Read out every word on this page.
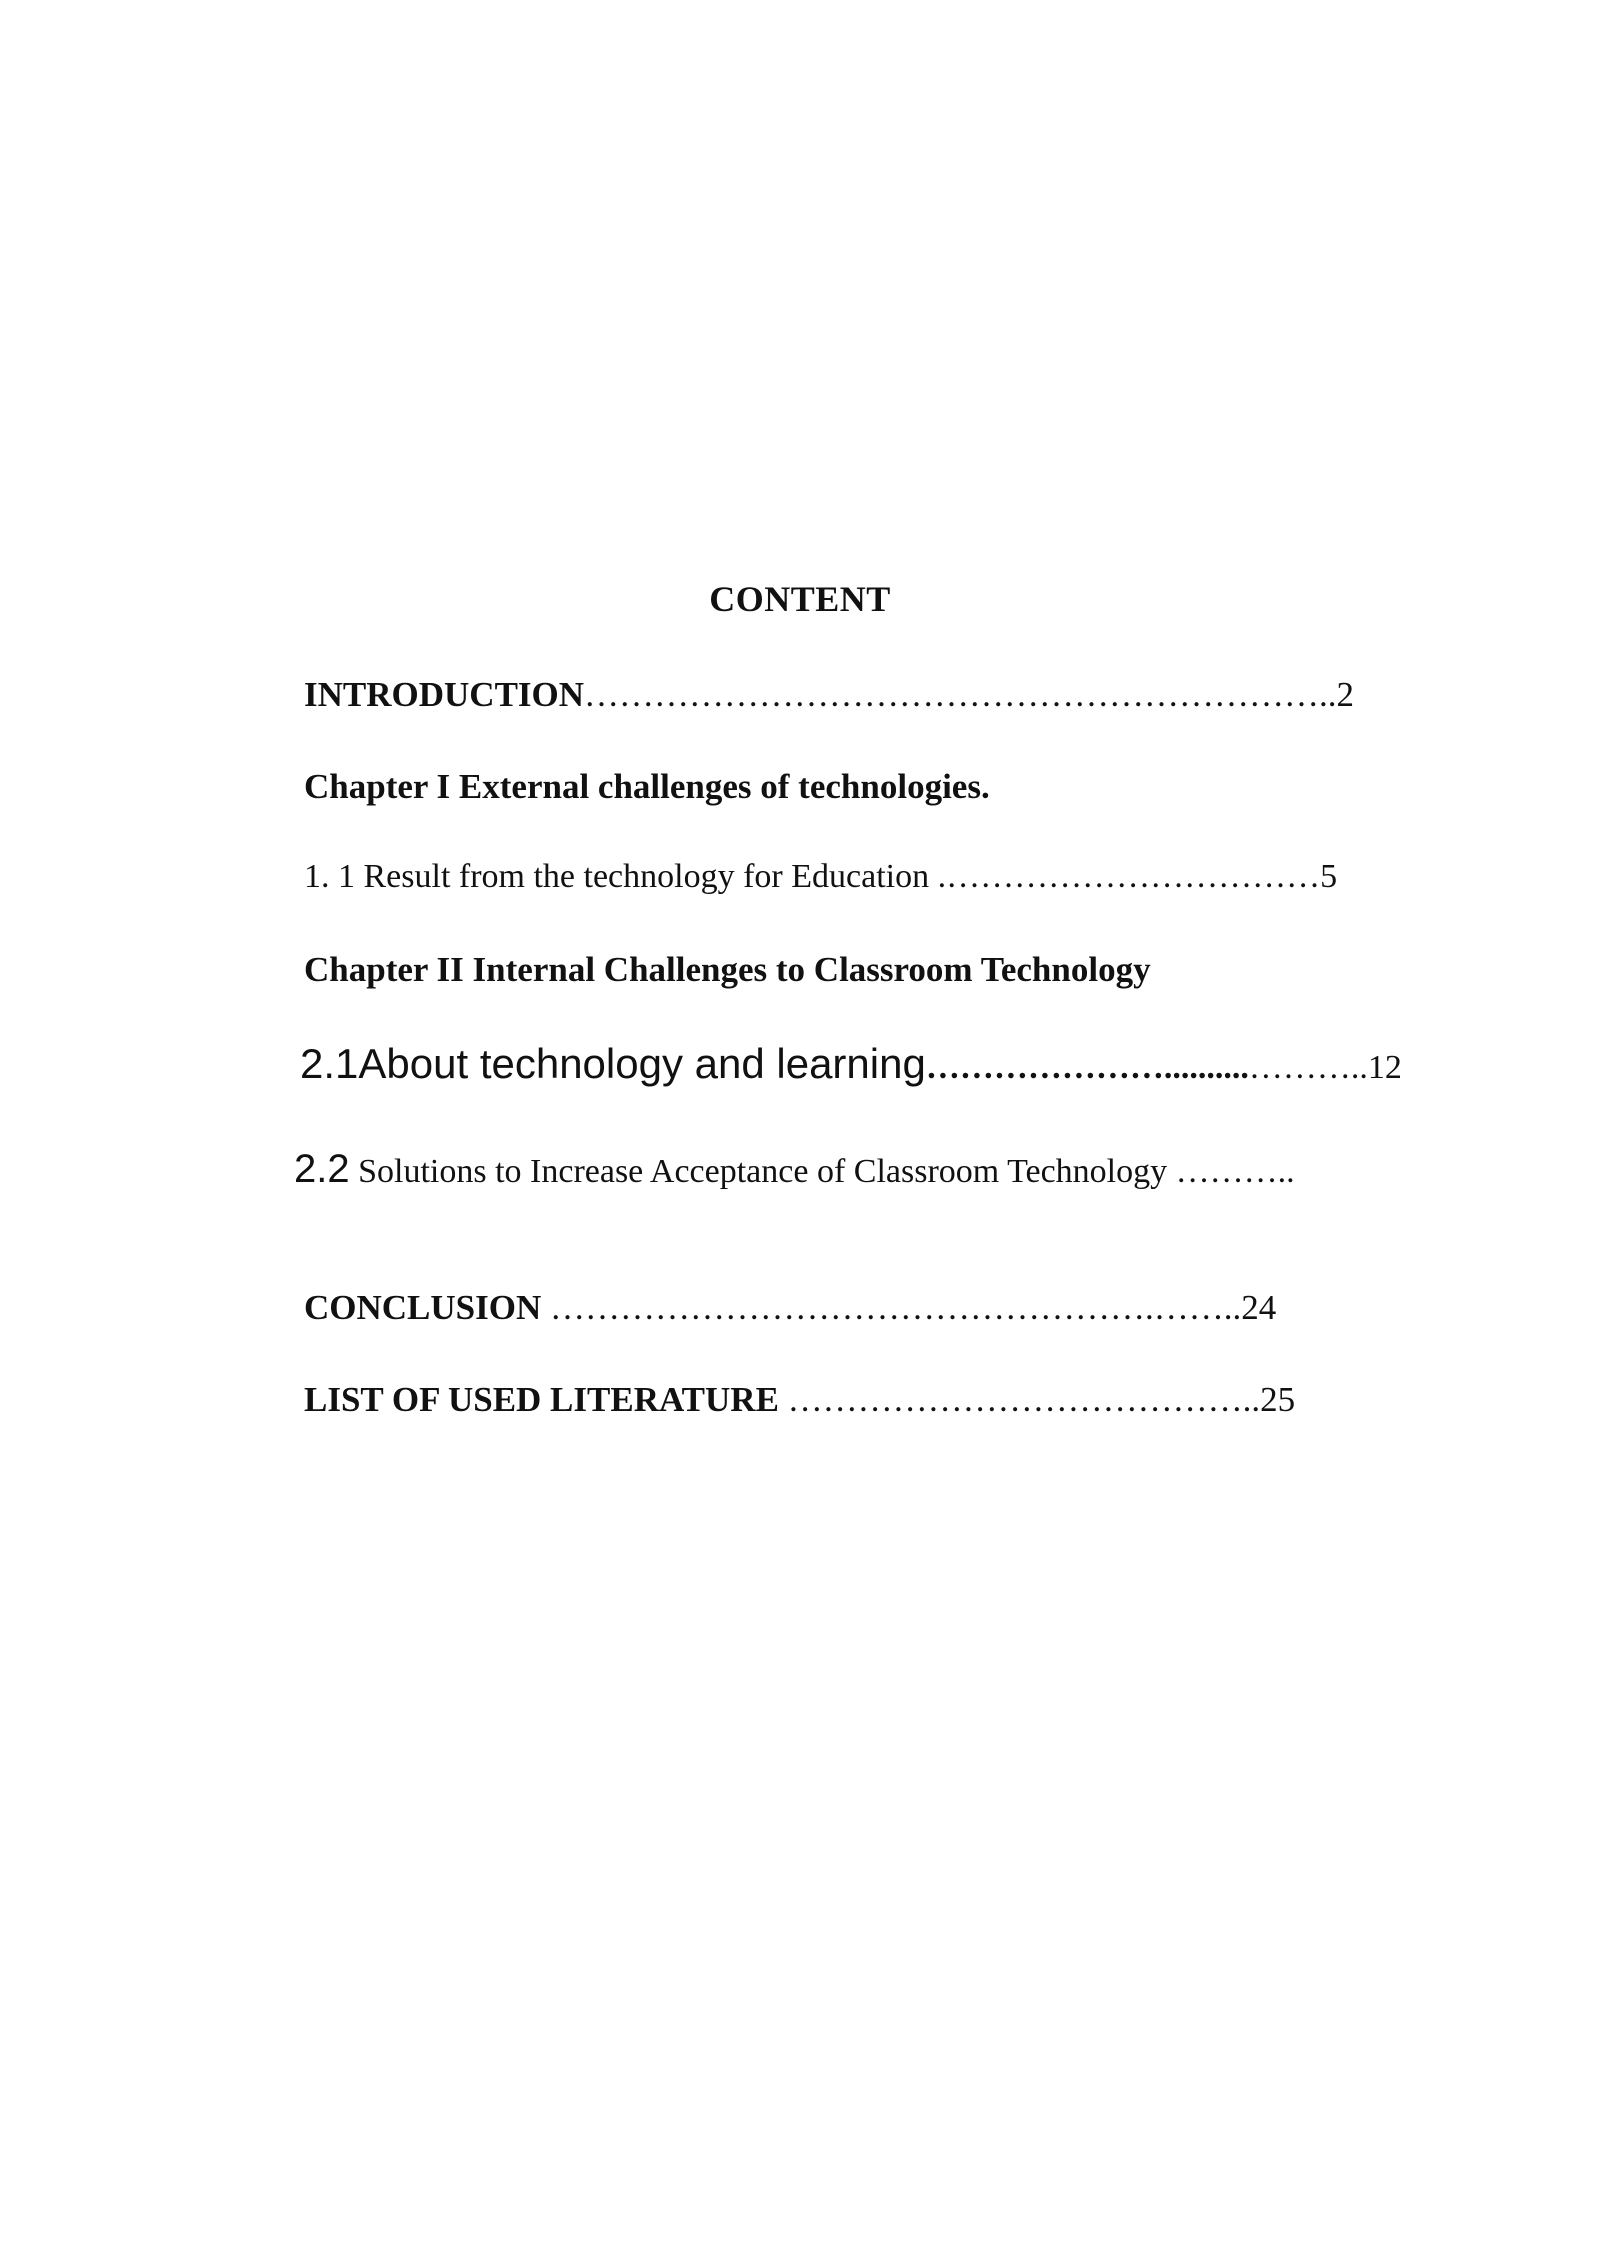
CONTENT

INTRODUCTION………………………………………………………..2

Chapter I External challenges of technologies.

1. 1 Result from the technology for Education .……………………………5

Chapter II Internal Challenges to Classroom Technology

2.1About technology and learning…………………..........………..12

2.2 Solutions to Increase Acceptance of Classroom Technology ………..

CONCLUSION …………………………………………….……..24

LIST OF USED LITERATURE …………………………………..25
